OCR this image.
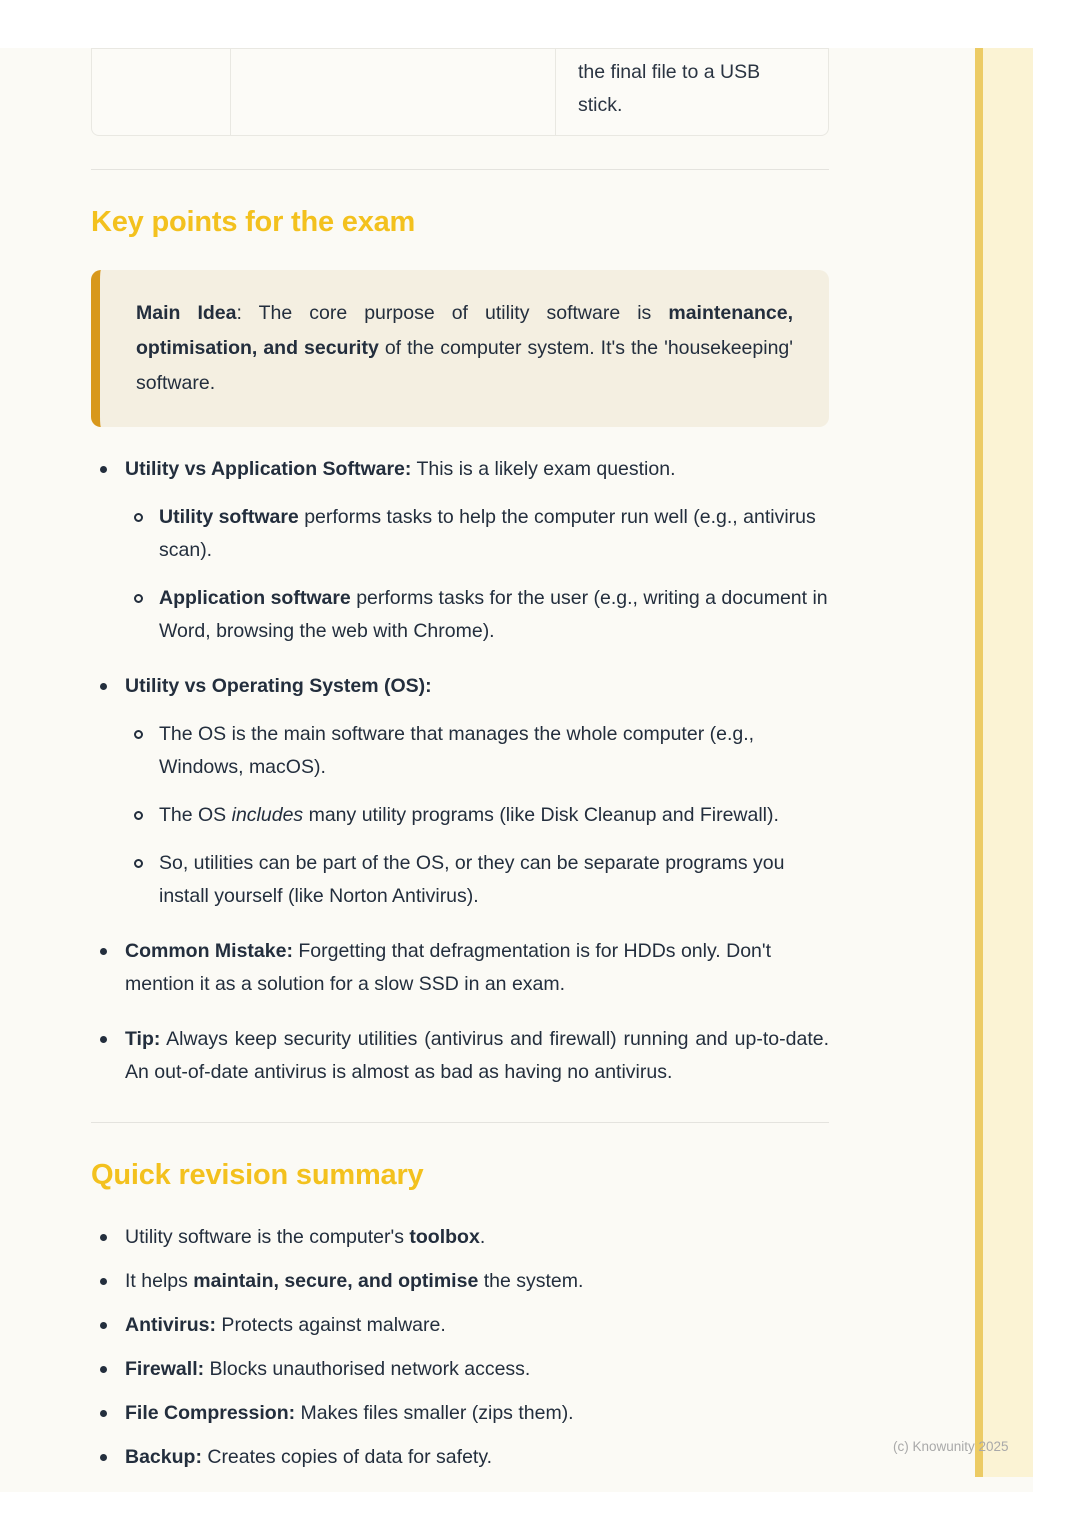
the final file to a USB stick.
Key points for the exam

Main Idea: The core purpose of utility software is maintenance, optimisation, and security of the computer system. It's the 'housekeeping' software.

Utility vs Application Software: This is a likely exam question.
Utility software performs tasks to help the computer run well (e.g., antivirus scan).
Application software performs tasks for the user (e.g., writing a document in Word, browsing the web with Chrome).
Utility vs Operating System (OS):
The OS is the main software that manages the whole computer (e.g., Windows, macOS).
The OS includes many utility programs (like Disk Cleanup and Firewall).
So, utilities can be part of the OS, or they can be separate programs you install yourself (like Norton Antivirus).
Common Mistake: Forgetting that defragmentation is for HDDs only. Don't mention it as a solution for a slow SSD in an exam.
Tip: Always keep security utilities (antivirus and firewall) running and up-to-date. An out-of-date antivirus is almost as bad as having no antivirus.
Quick revision summary
Utility software is the computer's toolbox.
It helps maintain, secure, and optimise the system.
Antivirus: Protects against malware.
Firewall: Blocks unauthorised network access.
File Compression: Makes files smaller (zips them).
Backup: Creates copies of data for safety.	(c) Knowunity 2025
